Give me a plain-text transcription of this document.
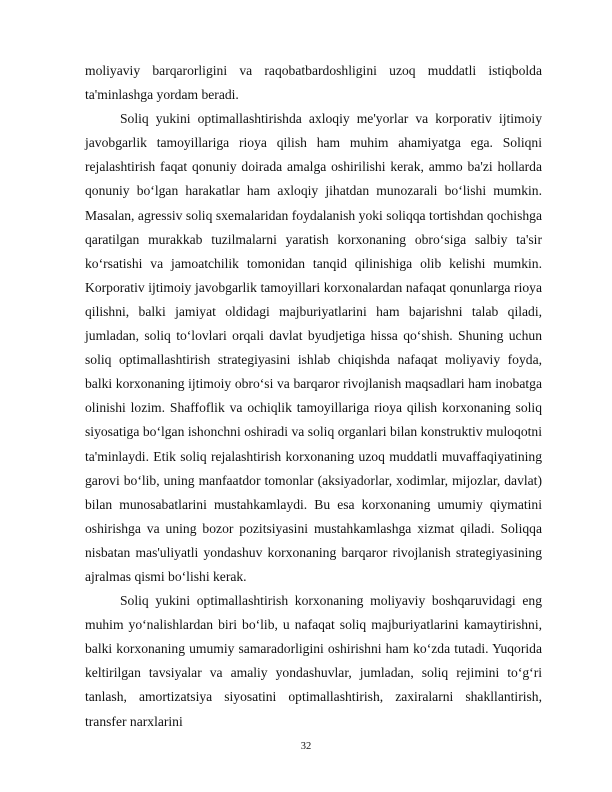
moliyaviy barqarorligini va raqobatbardoshligini uzoq muddatli istiqbolda ta'minlashga yordam beradi.

Soliq yukini optimallashtirishda axloqiy me'yorlar va korporativ ijtimoiy javobgarlik tamoyillariga rioya qilish ham muhim ahamiyatga ega. Soliqni rejalashtirish faqat qonuniy doirada amalga oshirilishi kerak, ammo ba'zi hollarda qonuniy boʻlgan harakatlar ham axloqiy jihatdan munozarali boʻlishi mumkin. Masalan, agressiv soliq sxemalaridan foydalanish yoki soliqqa tortishdan qochishga qaratilgan murakkab tuzilmalarni yaratish korxonaning obroʻsiga salbiy ta'sir koʻrsatishi va jamoatchilik tomonidan tanqid qilinishiga olib kelishi mumkin. Korporativ ijtimoiy javobgarlik tamoyillari korxonalardan nafaqat qonunlarga rioya qilishni, balki jamiyat oldidagi majburiyatlarini ham bajarishni talab qiladi, jumladan, soliq toʻlovlari orqali davlat byudjetiga hissa qoʻshish. Shuning uchun soliq optimallashtirish strategiyasini ishlab chiqishda nafaqat moliyaviy foyda, balki korxonaning ijtimoiy obroʻsi va barqaror rivojlanish maqsadlari ham inobatga olinishi lozim. Shaffoflik va ochiqlik tamoyillariga rioya qilish korxonaning soliq siyosatiga boʻlgan ishonchni oshiradi va soliq organlari bilan konstruktiv muloqotni ta'minlaydi. Etik soliq rejalashtirish korxonaning uzoq muddatli muvaffaqiyatining garovi boʻlib, uning manfaatdor tomonlar (aksiyadorlar, xodimlar, mijozlar, davlat) bilan munosabatlarini mustahkamlaydi. Bu esa korxonaning umumiy qiymatini oshirishga va uning bozor pozitsiyasini mustahkamlashga xizmat qiladi. Soliqqa nisbatan mas'uliyatli yondashuv korxonaning barqaror rivojlanish strategiyasining ajralmas qismi boʻlishi kerak.

Soliq yukini optimallashtirish korxonaning moliyaviy boshqaruvidagi eng muhim yoʻnalishlardan biri boʻlib, u nafaqat soliq majburiyatlarini kamaytirishni, balki korxonaning umumiy samaradorligini oshirishni ham koʻzda tutadi. Yuqorida keltirilgan tavsiyalar va amaliy yondashuvlar, jumladan, soliq rejimini toʻgʻri tanlash, amortizatsiya siyosatini optimallashtirish, zaxiralarni shakllantirish, transfer narxlarini

32
